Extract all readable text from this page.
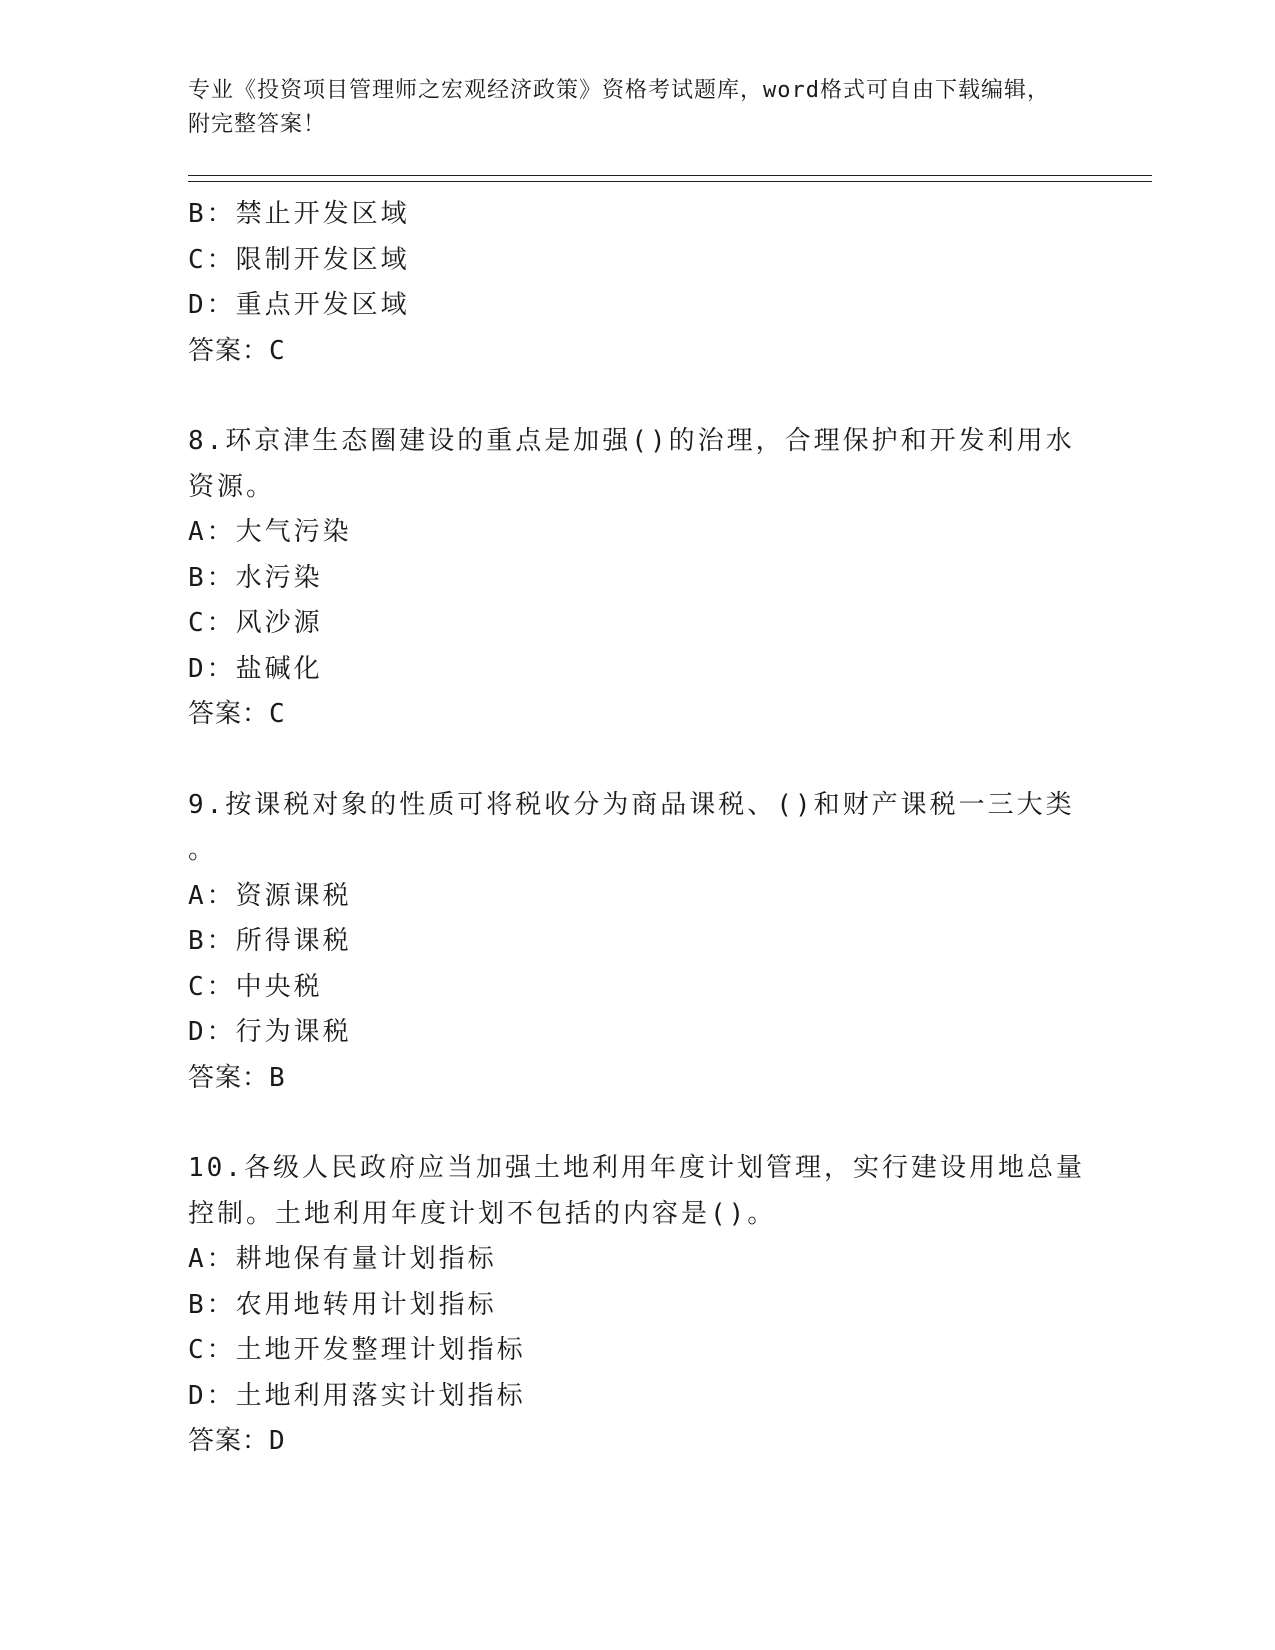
专业《投资项目管理师之宏观经济政策》资格考试题库，word格式可自由下载编辑，附完整答案！
B：禁止开发区域
C：限制开发区域
D：重点开发区域
答案：C
8.环京津生态圈建设的重点是加强()的治理，合理保护和开发利用水
资源。
A：大气污染
B：水污染
C：风沙源
D：盐碱化
答案：C
9.按课税对象的性质可将税收分为商品课税、()和财产课税一三大类
。
A：资源课税
B：所得课税
C：中央税
D：行为课税
答案：B
10.各级人民政府应当加强土地利用年度计划管理，实行建设用地总量
控制。土地利用年度计划不包括的内容是()。
A：耕地保有量计划指标
B：农用地转用计划指标
C：土地开发整理计划指标
D：土地利用落实计划指标
答案：D
